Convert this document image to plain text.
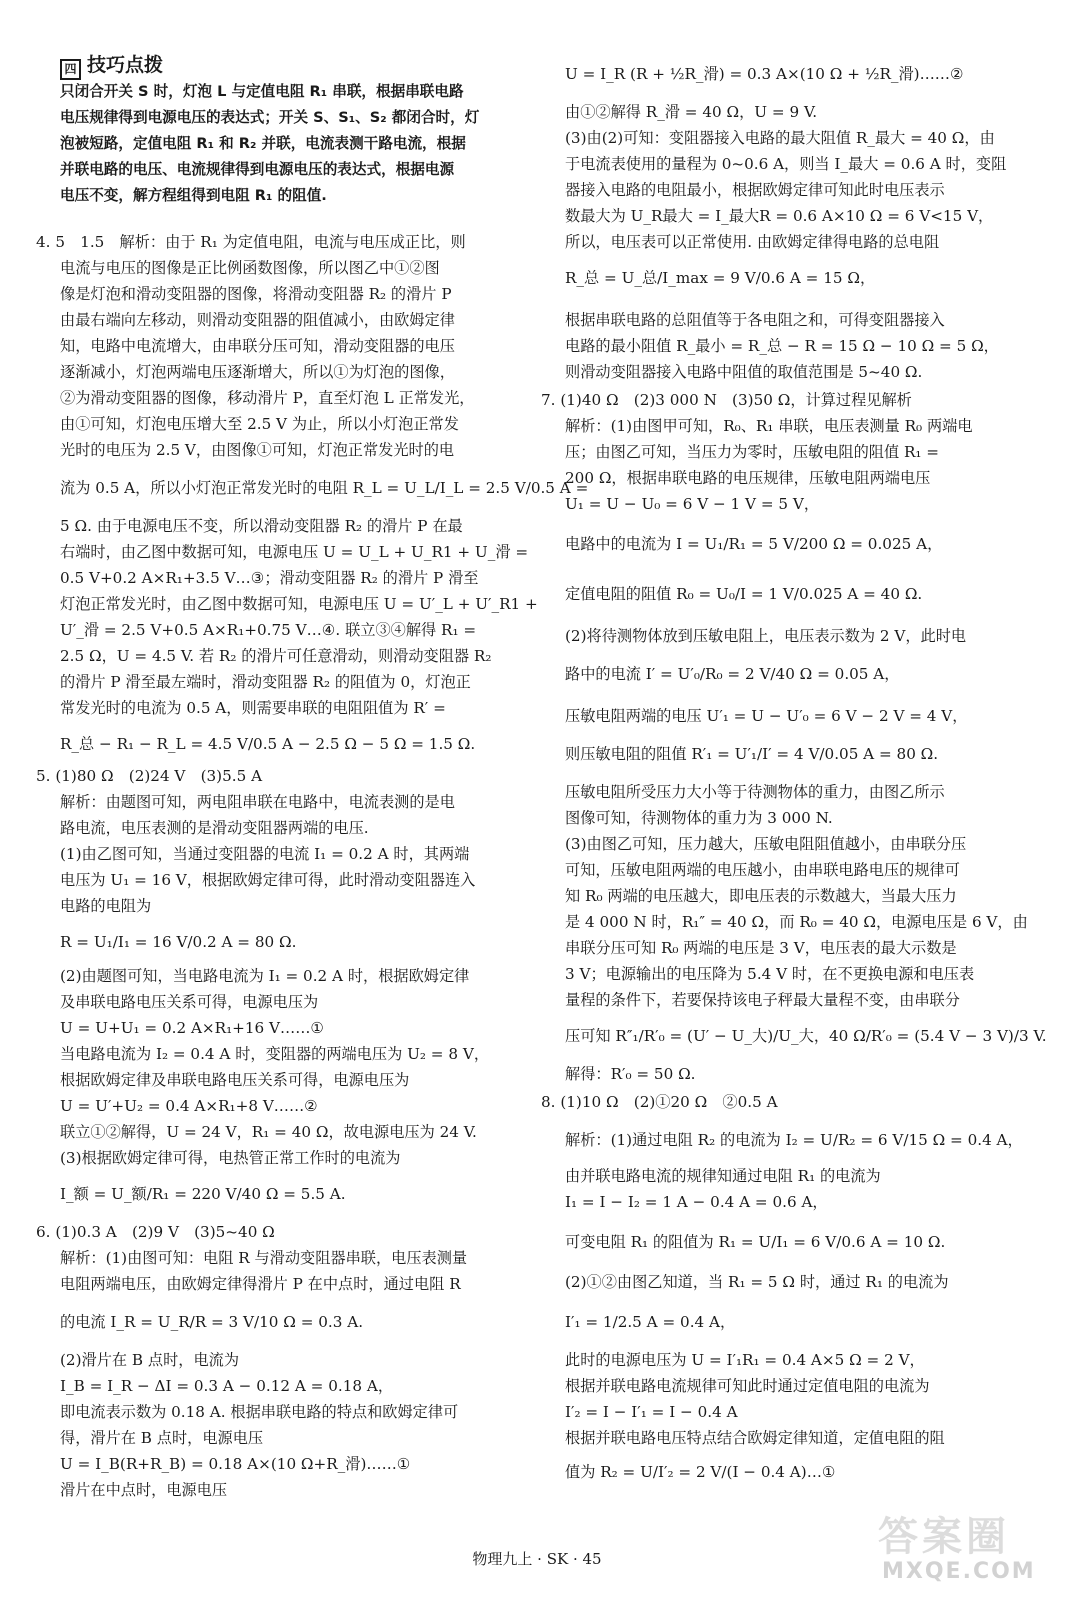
四 技巧点拨
只闭合开关 S 时，灯泡 L 与定值电阻 R₁ 串联，根据串联电路
电压规律得到电源电压的表达式；开关 S、S₁、S₂ 都闭合时，灯
泡被短路，定值电阻 R₁ 和 R₂ 并联，电流表测干路电流，根据
并联电路的电压、电流规律得到电源电压的表达式，根据电源
电压不变，解方程组得到电阻 R₁ 的阻值.
4. 5　1.5　解析：由于 R₁ 为定值电阻，电流与电压成正比，则
电流与电压的图像是正比例函数图像，所以图乙中①②图
像是灯泡和滑动变阻器的图像，将滑动变阻器 R₂ 的滑片 P
由最右端向左移动，则滑动变阻器的阻值减小，由欧姆定律
知，电路中电流增大，由串联分压可知，滑动变阻器的电压
逐渐减小，灯泡两端电压逐渐增大，所以①为灯泡的图像，
②为滑动变阻器的图像，移动滑片 P，直至灯泡 L 正常发光，
由①可知，灯泡电压增大至 2.5 V 为止，所以小灯泡正常发
光时的电压为 2.5 V，由图像①可知，灯泡正常发光时的电
流为 0.5 A，所以小灯泡正常发光时的电阻 R_L = U_L/I_L = 2.5 V/0.5 A =
5 Ω. 由于电源电压不变，所以滑动变阻器 R₂ 的滑片 P 在最
右端时，由乙图中数据可知，电源电压 U = U_L + U_R1 + U_滑 =
0.5 V+0.2 A×R₁+3.5 V…③；滑动变阻器 R₂ 的滑片 P 滑至
灯泡正常发光时，由乙图中数据可知，电源电压 U = U′_L + U′_R1 +
U′_滑 = 2.5 V+0.5 A×R₁+0.75 V…④. 联立③④解得 R₁ =
2.5 Ω，U = 4.5 V. 若 R₂ 的滑片可任意滑动，则滑动变阻器 R₂
的滑片 P 滑至最左端时，滑动变阻器 R₂ 的阻值为 0，灯泡正
常发光时的电流为 0.5 A，则需要串联的电阻阻值为 R′ =
R_总 − R₁ − R_L = 4.5 V/0.5 A − 2.5 Ω − 5 Ω = 1.5 Ω.
5. (1)80 Ω　(2)24 V　(3)5.5 A
解析：由题图可知，两电阻串联在电路中，电流表测的是电
路电流，电压表测的是滑动变阻器两端的电压.
(1)由乙图可知，当通过变阻器的电流 I₁ = 0.2 A 时，其两端
电压为 U₁ = 16 V，根据欧姆定律可得，此时滑动变阻器连入
电路的电阻为
R = U₁/I₁ = 16 V/0.2 A = 80 Ω.
(2)由题图可知，当电路电流为 I₁ = 0.2 A 时，根据欧姆定律
及串联电路电压关系可得，电源电压为
U = U+U₁ = 0.2 A×R₁+16 V……①
当电路电流为 I₂ = 0.4 A 时，变阻器的两端电压为 U₂ = 8 V，
根据欧姆定律及串联电路电压关系可得，电源电压为
U = U′+U₂ = 0.4 A×R₁+8 V……②
联立①②解得，U = 24 V，R₁ = 40 Ω，故电源电压为 24 V.
(3)根据欧姆定律可得，电热管正常工作时的电流为
I_额 = U_额/R₁ = 220 V/40 Ω = 5.5 A.
6. (1)0.3 A　(2)9 V　(3)5~40 Ω
解析：(1)由图可知：电阻 R 与滑动变阻器串联，电压表测量
电阻两端电压，由欧姆定律得滑片 P 在中点时，通过电阻 R
的电流 I_R = U_R/R = 3 V/10 Ω = 0.3 A.
(2)滑片在 B 点时，电流为
I_B = I_R − ΔI = 0.3 A − 0.12 A = 0.18 A，
即电流表示数为 0.18 A. 根据串联电路的特点和欧姆定律可
得，滑片在 B 点时，电源电压
U = I_B(R+R_B) = 0.18 A×(10 Ω+R_滑)……①
滑片在中点时，电源电压
U = I_R (R + ½R_滑) = 0.3 A×(10 Ω + ½R_滑)……②
由①②解得 R_滑 = 40 Ω，U = 9 V.
(3)由(2)可知：变阻器接入电路的最大阻值 R_最大 = 40 Ω，由
于电流表使用的量程为 0~0.6 A，则当 I_最大 = 0.6 A 时，变阻
器接入电路的电阻最小，根据欧姆定律可知此时电压表示
数最大为 U_R最大 = I_最大R = 0.6 A×10 Ω = 6 V<15 V，
所以，电压表可以正常使用. 由欧姆定律得电路的总电阻
R_总 = U_总/I_max = 9 V/0.6 A = 15 Ω，
根据串联电路的总阻值等于各电阻之和，可得变阻器接入
电路的最小阻值 R_最小 = R_总 − R = 15 Ω − 10 Ω = 5 Ω，
则滑动变阻器接入电路中阻值的取值范围是 5~40 Ω.
7. (1)40 Ω　(2)3 000 N　(3)50 Ω，计算过程见解析
解析：(1)由图甲可知，R₀、R₁ 串联，电压表测量 R₀ 两端电
压；由图乙可知，当压力为零时，压敏电阻的阻值 R₁ =
200 Ω，根据串联电路的电压规律，压敏电阻两端电压
U₁ = U − U₀ = 6 V − 1 V = 5 V，
电路中的电流为 I = U₁/R₁ = 5 V/200 Ω = 0.025 A，
定值电阻的阻值 R₀ = U₀/I = 1 V/0.025 A = 40 Ω.
(2)将待测物体放到压敏电阻上，电压表示数为 2 V，此时电
路中的电流 I′ = U′₀/R₀ = 2 V/40 Ω = 0.05 A，
压敏电阻两端的电压 U′₁ = U − U′₀ = 6 V − 2 V = 4 V，
则压敏电阻的阻值 R′₁ = U′₁/I′ = 4 V/0.05 A = 80 Ω.
压敏电阻所受压力大小等于待测物体的重力，由图乙所示
图像可知，待测物体的重力为 3 000 N.
(3)由图乙可知，压力越大，压敏电阻阻值越小，由串联分压
可知，压敏电阻两端的电压越小，由串联电路电压的规律可
知 R₀ 两端的电压越大，即电压表的示数越大，当最大压力
是 4 000 N 时，R₁″ = 40 Ω，而 R₀ = 40 Ω，电源电压是 6 V，由
串联分压可知 R₀ 两端的电压是 3 V，电压表的最大示数是
3 V；电源输出的电压降为 5.4 V 时，在不更换电源和电压表
量程的条件下，若要保持该电子秤最大量程不变，由串联分
压可知 R″₁/R′₀ = (U′ − U_大)/U_大，40 Ω/R′₀ = (5.4 V − 3 V)/3 V.
解得：R′₀ = 50 Ω.
8. (1)10 Ω　(2)①20 Ω　②0.5 A
解析：(1)通过电阻 R₂ 的电流为 I₂ = U/R₂ = 6 V/15 Ω = 0.4 A，
由并联电路电流的规律知通过电阻 R₁ 的电流为
I₁ = I − I₂ = 1 A − 0.4 A = 0.6 A，
可变电阻 R₁ 的阻值为 R₁ = U/I₁ = 6 V/0.6 A = 10 Ω.
(2)①②由图乙知道，当 R₁ = 5 Ω 时，通过 R₁ 的电流为
I′₁ = 1/2.5 A = 0.4 A，
此时的电源电压为 U = I′₁R₁ = 0.4 A×5 Ω = 2 V，
根据并联电路电流规律可知此时通过定值电阻的电流为
I′₂ = I − I′₁ = I − 0.4 A
根据并联电路电压特点结合欧姆定律知道，定值电阻的阻
值为 R₂ = U/I′₂ = 2 V/(I − 0.4 A)…①
物理九上 · SK · 45	答案圈
MXQE.COM
